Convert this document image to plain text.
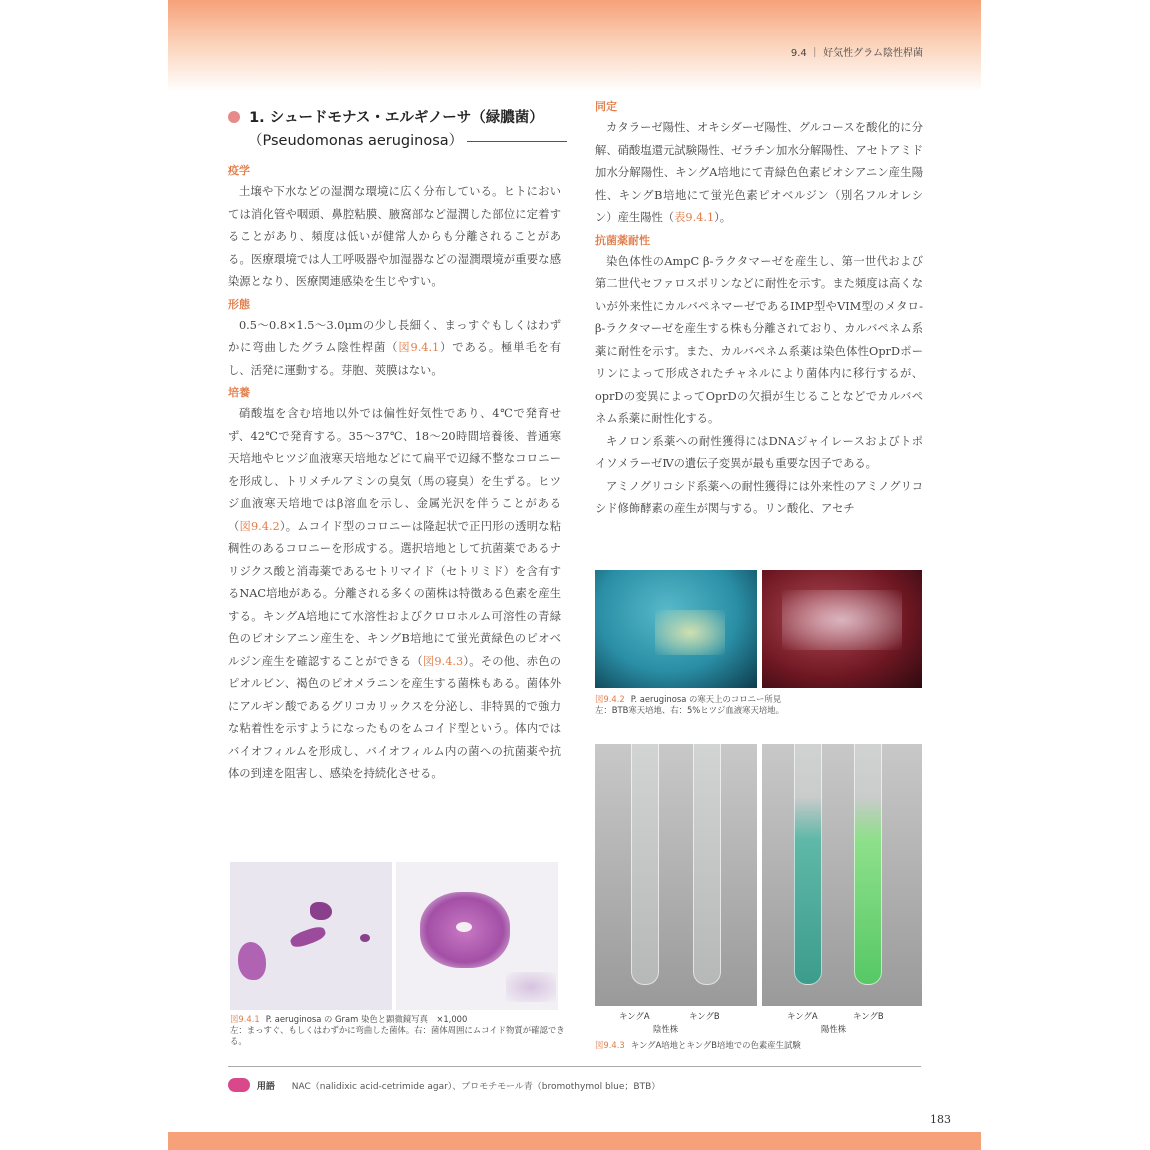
9.4 ｜ 好気性グラム陰性桿菌
1. シュードモナス・エルギノーサ（緑膿菌）
（Pseudomonas aeruginosa）
疫学

土壌や下水などの湿潤な環境に広く分布している。ヒトにおいては消化管や咽頭、鼻腔粘膜、腋窩部など湿潤した部位に定着することがあり、頻度は低いが健常人からも分離されることがある。医療環境では人工呼吸器や加湿器などの湿潤環境が重要な感染源となり、医療関連感染を生じやすい。

形態

0.5～0.8×1.5～3.0μmの少し長細く、まっすぐもしくはわずかに弯曲したグラム陰性桿菌（図9.4.1）である。極単毛を有し、活発に運動する。芽胞、莢膜はない。

培養

硝酸塩を含む培地以外では偏性好気性であり、4℃で発育せず、42℃で発育する。35～37℃、18～20時間培養後、普通寒天培地やヒツジ血液寒天培地などにて扁平で辺縁不整なコロニーを形成し、トリメチルアミンの臭気（馬の寝臭）を生ずる。ヒツジ血液寒天培地ではβ溶血を示し、金属光沢を伴うことがある（図9.4.2）。ムコイド型のコロニーは隆起状で正円形の透明な粘稠性のあるコロニーを形成する。選択培地として抗菌薬であるナリジクス酸と消毒薬であるセトリマイド（セトリミド）を含有するNAC培地がある。分離される多くの菌株は特徴ある色素を産生する。キングA培地にて水溶性およびクロロホルム可溶性の青緑色のピオシアニン産生を、キングB培地にて蛍光黄緑色のピオベルジン産生を確認することができる（図9.4.3）。その他、赤色のピオルビン、褐色のピオメラニンを産生する菌株もある。菌体外にアルギン酸であるグリコカリックスを分泌し、非特異的で強力な粘着性を示すようになったものをムコイド型という。体内ではバイオフィルムを形成し、バイオフィルム内の菌への抗菌薬や抗体の到達を阻害し、感染を持続化させる。

同定

カタラーゼ陽性、オキシダーゼ陽性、グルコースを酸化的に分解、硝酸塩還元試験陽性、ゼラチン加水分解陽性、アセトアミド加水分解陽性、キングA培地にて青緑色色素ピオシアニン産生陽性、キングB培地にて蛍光色素ピオベルジン（別名フルオレシン）産生陽性（表9.4.1）。

抗菌薬耐性

染色体性のAmpC β-ラクタマーゼを産生し、第一世代および第二世代セファロスポリンなどに耐性を示す。また頻度は高くないが外来性にカルバペネマーゼであるIMP型やVIM型のメタロ-β-ラクタマーゼを産生する株も分離されており、カルバペネム系薬に耐性を示す。また、カルバペネム系薬は染色体性OprDポーリンによって形成されたチャネルにより菌体内に移行するが、oprDの変異によってOprDの欠損が生じることなどでカルバペネム系薬に耐性化する。

キノロン系薬への耐性獲得にはDNAジャイレースおよびトポイソメラーゼⅣの遺伝子変異が最も重要な因子である。

アミノグリコシド系薬への耐性獲得には外来性のアミノグリコシド修飾酵素の産生が関与する。リン酸化、アセチ

図9.4.2 P. aeruginosa の寒天上のコロニー所見
左：BTB寒天培地、右：5%ヒツジ血液寒天培地。
キングA	キングB
陰性株
キングA	キングB
陽性株
図9.4.3 キングA培地とキングB培地での色素産生試験
図9.4.1 P. aeruginosa の Gram 染色と顕微鏡写真　×1,000
左：まっすぐ、もしくはわずかに弯曲した菌体。右：菌体周囲にムコイド物質が確認できる。
用語 NAC（nalidixic acid-cetrimide agar）、ブロモチモール青（bromothymol blue；BTB）
183
